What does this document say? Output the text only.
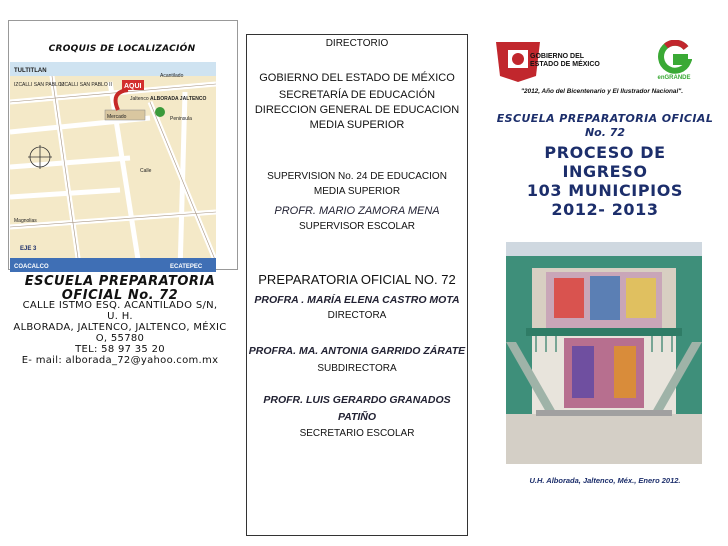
CROQUIS DE LOCALIZACIÓN
TULTITLAN
IZCALLI SAN PABLO I
IZCALLI SAN PABLO II AQUI
Acantilado
ALBORADA JALTENCO
Peninsula
Mercado
Jaltenco
Magnolias
Calle
EJE 3
COACALCO	ECATEPEC
ESCUELA PREPARATORIA
OFICIAL No. 72
CALLE ISTMO ESQ. ACANTILADO S/N,
U. H.
ALBORADA, JALTENCO, JALTENCO, MÉXIC
O, 55780
TEL: 58 97 35 20
E- mail: alborada_72@yahoo.com.mx
DIRECTORIO
GOBIERNO DEL ESTADO DE MÉXICO
SECRETARÍA DE EDUCACIÓN
DIRECCION GENERAL DE EDUCACION
MEDIA SUPERIOR
SUPERVISION No. 24 DE EDUCACION
MEDIA SUPERIOR
PROFR. MARIO ZAMORA MENA
SUPERVISOR ESCOLAR
PREPARATORIA OFICIAL NO. 72
PROFRA . MARÍA ELENA CASTRO MOTA
DIRECTORA
PROFRA. MA. ANTONIA GARRIDO ZÁRATE
SUBDIRECTORA
PROFR. LUIS GERARDO GRANADOS
PATIÑO
SECRETARIO ESCOLAR
GOBIERNO DEL
ESTADO DE MÉXICO
enGRANDE
"2012, Año del Bicentenario y El Ilustrador Nacional".
ESCUELA PREPARATORIA OFICIAL
No. 72
PROCESO DE
INGRESO
103 MUNICIPIOS
2012- 2013
U.H. Alborada, Jaltenco, Méx., Enero 2012.
